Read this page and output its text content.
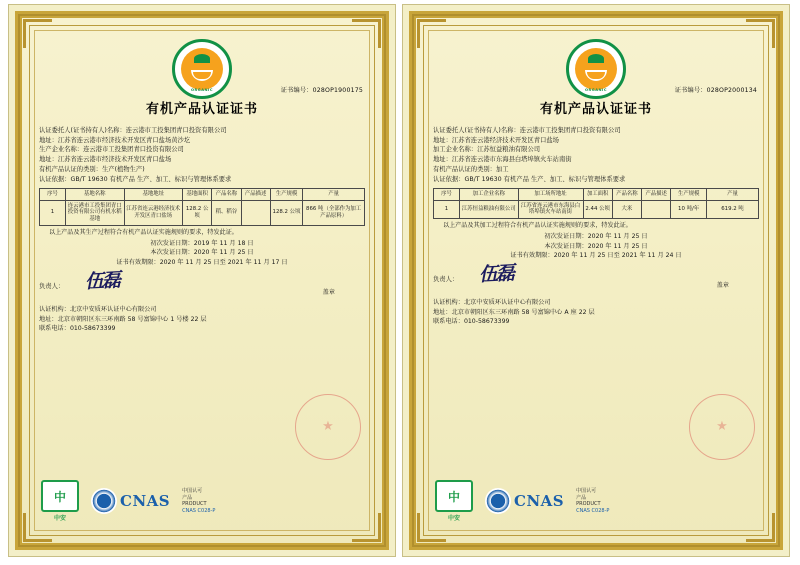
ORGANIC	证书编号：028OP1900175
有机产品认证证书
认证委托人(证书持有人)名称： 连云港市工投集团青口投资有限公司
地址： 江苏省连云港市经济技术开发区青口盐场黄沙圪
生产企业名称： 连云港市工投集团青口投资有限公司
地址： 江苏省连云港市经济技术开发区青口盐场
有机产品认证的类别： 生产(植物生产)
认证依据： GB/T 19630 有机产品 生产、加工、标识与管理体系要求
序号	基地名称	基地地址	基地面积	产品名称	产品描述	生产规模	产量
1	连云港市工投集团青口投资有限公司有机水稻基地	江苏省连云港经济技术开发区青口盐场	128.2 公顷	稻、稻谷		128.2 公顷	866 吨（全部作为加工产品原料）
以上产品及其生产过程符合有机产品认证实施规则的要求，特发此证。
初次发证日期：2019 年 11 月 18 日
本次发证日期：2020 年 11 月 25 日
证书有效期限：2020 年 11 月 25 日至 2021 年 11 月 17 日
负责人： 伍磊	盖章
认证机构：北京中安质环认证中心有限公司
地址：北京市朝阳区东三环南路 58 号富锦中心 1 号楼 22 层
联系电话：010-58673399
★
中
中安
CNAS
中国认可
产品
PRODUCT
CNAS C028-P
ORGANIC	证书编号：028OP2000134
有机产品认证证书
认证委托人(证书持有人)名称： 连云港市工投集团青口投资有限公司
地址： 江苏省连云港经济技术开发区青口盐场
加工企业名称： 江苏恒益粮油有限公司
地址： 江苏省连云港市东海县白塔埠镇火车站南街
有机产品认证的类别： 加工
认证依据： GB/T 19630 有机产品 生产、加工、标识与管理体系要求
序号	加工企业名称	加工场所地址	加工面积	产品名称	产品描述	生产规模	产量
1	江苏恒益粮油有限公司	江苏省连云港市东海县白塔埠镇火车站南街	2.44 公顷	大米		10 吨/年	619.2 吨
以上产品及其加工过程符合有机产品认证实施规则的要求，特发此证。
初次发证日期：2020 年 11 月 25 日
本次发证日期：2020 年 11 月 25 日
证书有效期限：2020 年 11 月 25 日至 2021 年 11 月 24 日
负责人： 伍磊	盖章
认证机构：北京中安质环认证中心有限公司
地址：北京市朝阳区东三环南路 58 号富锦中心 A 座 22 层
联系电话：010-58673399
★
中
中安
CNAS
中国认可
产品
PRODUCT
CNAS C028-P
